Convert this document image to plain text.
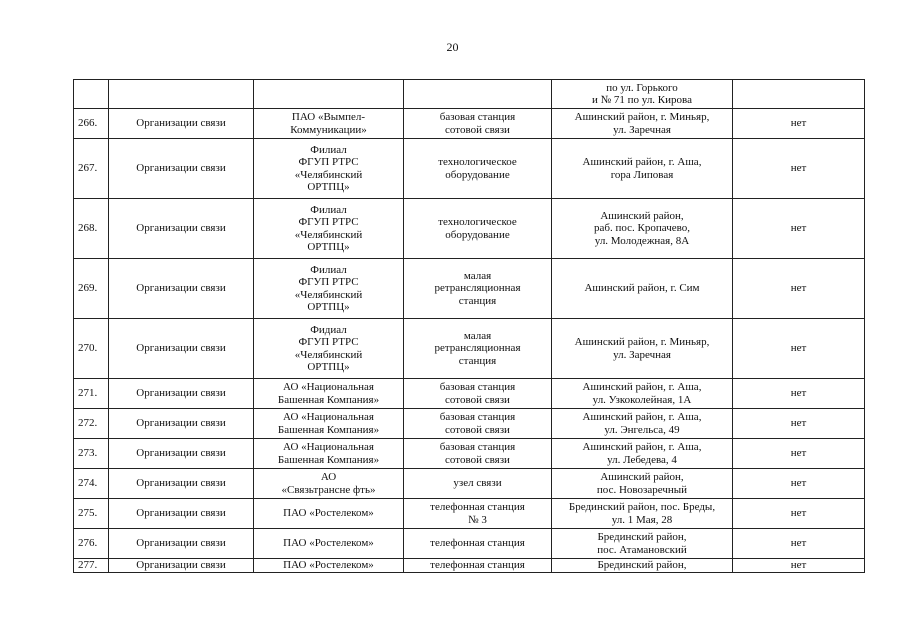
20

				по ул. Горького
и № 71 по ул. Кирова	

266.	Организации связи	ПАО «Вымпел-
Коммуникации»	базовая станция
сотовой связи	Ашинский район, г. Миньяр,
ул. Заречная	нет

267.	Организации связи	Филиал
ФГУП РТРС
«Челябинский
ОРТПЦ»	технологическое
оборудование	Ашинский район, г. Аша,
гора Липовая	нет

268.	Организации связи	Филиал
ФГУП РТРС
«Челябинский
ОРТПЦ»	технологическое
оборудование	Ашинский район,
раб. пос. Кропачево,
ул. Молодежная, 8А	нет

269.	Организации связи	Филиал
ФГУП РТРС
«Челябинский
ОРТПЦ»	малая
ретрансляционная
станция	Ашинский район, г. Сим	нет

270.	Организации связи	Фидиал
ФГУП РТРС
«Челябинский
ОРТПЦ»	малая
ретрансляционная
станция	Ашинский район, г. Миньяр,
ул. Заречная	нет

271.	Организации связи	АО «Национальная
Башенная Компания»	базовая станция
сотовой связи	Ашинский район, г. Аша,
ул. Узкоколейная, 1А	нет

272.	Организации связи	АО «Национальная
Башенная Компания»	базовая станция
сотовой связи	Ашинский район, г. Аша,
ул. Энгельса, 49	нет

273.	Организации связи	АО «Национальная
Башенная Компания»	базовая станция
сотовой связи	Ашинский район, г. Аша,
ул. Лебедева, 4	нет

274.	Организации связи	АО
«Связьтрансне фть»	узел связи	Ашинский район,
пос. Новозаречный	нет

275.	Организации связи	ПАО «Ростелеком»	телефонная станция
№ 3	Брединский район, пос. Бреды,
ул. 1 Мая, 28	нет

276.	Организации связи	ПАО «Ростелеком»	телефонная станция	Брединский район,
пос. Атамановский	нет

277.	Организации связи	ПАО «Ростелеком»	телефонная станция	Брединский район,	нет
